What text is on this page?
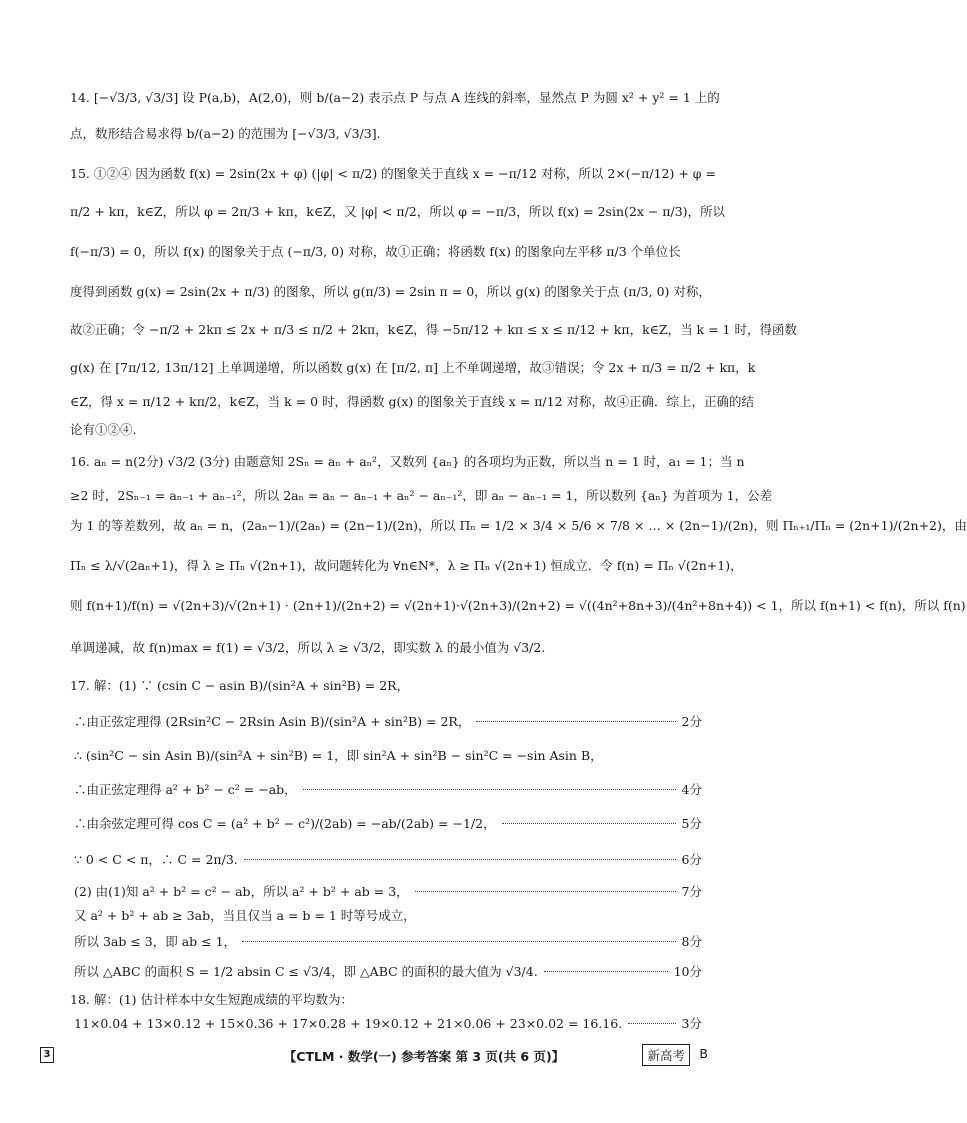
14. [−√3/3, √3/3] 设 P(a,b)，A(2,0)，则 b/(a−2) 表示点 P 与点 A 连线的斜率，显然点 P 为圆 x² + y² = 1 上的
点，数形结合易求得 b/(a−2) 的范围为 [−√3/3, √3/3].
15. ①②④ 因为函数 f(x) = 2sin(2x + φ) (|φ| < π/2) 的图象关于直线 x = −π/12 对称，所以 2×(−π/12) + φ =
π/2 + kπ，k∈Z，所以 φ = 2π/3 + kπ，k∈Z，又 |φ| < π/2，所以 φ = −π/3，所以 f(x) = 2sin(2x − π/3)，所以
f(−π/3) = 0，所以 f(x) 的图象关于点 (−π/3, 0) 对称，故①正确；将函数 f(x) 的图象向左平移 π/3 个单位长
度得到函数 g(x) = 2sin(2x + π/3) 的图象，所以 g(π/3) = 2sin π = 0，所以 g(x) 的图象关于点 (π/3, 0) 对称，
故②正确；令 −π/2 + 2kπ ≤ 2x + π/3 ≤ π/2 + 2kπ，k∈Z，得 −5π/12 + kπ ≤ x ≤ π/12 + kπ，k∈Z，当 k = 1 时，得函数
g(x) 在 [7π/12, 13π/12] 上单调递增，所以函数 g(x) 在 [π/2, π] 上不单调递增，故③错误；令 2x + π/3 = π/2 + kπ，k
∈Z，得 x = π/12 + kπ/2，k∈Z，当 k = 0 时，得函数 g(x) 的图象关于直线 x = π/12 对称，故④正确．综上，正确的结
论有①②④.
16. aₙ = n(2分) √3/2 (3分) 由题意知 2Sₙ = aₙ + aₙ²，又数列 {aₙ} 的各项均为正数，所以当 n = 1 时，a₁ = 1；当 n
≥2 时，2Sₙ₋₁ = aₙ₋₁ + aₙ₋₁²，所以 2aₙ = aₙ − aₙ₋₁ + aₙ² − aₙ₋₁²，即 aₙ − aₙ₋₁ = 1，所以数列 {aₙ} 为首项为 1，公差
为 1 的等差数列，故 aₙ = n，(2aₙ−1)/(2aₙ) = (2n−1)/(2n)，所以 Πₙ = 1/2 × 3/4 × 5/6 × 7/8 × … × (2n−1)/(2n)，则 Πₙ₊₁/Πₙ = (2n+1)/(2n+2)，由
Πₙ ≤ λ/√(2aₙ+1)，得 λ ≥ Πₙ √(2n+1)，故问题转化为 ∀n∈N*，λ ≥ Πₙ √(2n+1) 恒成立．令 f(n) = Πₙ √(2n+1)，
则 f(n+1)/f(n) = √(2n+3)/√(2n+1) · (2n+1)/(2n+2) = √(2n+1)·√(2n+3)/(2n+2) = √((4n²+8n+3)/(4n²+8n+4)) < 1，所以 f(n+1) < f(n)，所以 f(n)
单调递减，故 f(n)max = f(1) = √3/2，所以 λ ≥ √3/2，即实数 λ 的最小值为 √3/2.
17. 解：(1) ∵ (csin C − asin B)/(sin²A + sin²B) = 2R，
∴由正弦定理得 (2Rsin²C − 2Rsin Asin B)/(sin²A + sin²B) = 2R，	2分
∴ (sin²C − sin Asin B)/(sin²A + sin²B) = 1，即 sin²A + sin²B − sin²C = −sin Asin B，
∴由正弦定理得 a² + b² − c² = −ab，	4分
∴由余弦定理可得 cos C = (a² + b² − c²)/(2ab) = −ab/(2ab) = −1/2，	5分
∵ 0 < C < π，∴ C = 2π/3.	6分
(2) 由(1)知 a² + b² = c² − ab，所以 a² + b² + ab = 3，	7分
又 a² + b² + ab ≥ 3ab，当且仅当 a = b = 1 时等号成立，
所以 3ab ≤ 3，即 ab ≤ 1，	8分
所以 △ABC 的面积 S = 1/2 absin C ≤ √3/4，即 △ABC 的面积的最大值为 √3/4.	10分
18. 解：(1) 估计样本中女生短跑成绩的平均数为：
11×0.04 + 13×0.12 + 15×0.36 + 17×0.28 + 19×0.12 + 21×0.06 + 23×0.02 = 16.16.	3分
3	【CTLM · 数学(一) 参考答案 第 3 页(共 6 页)】	新高考	B
